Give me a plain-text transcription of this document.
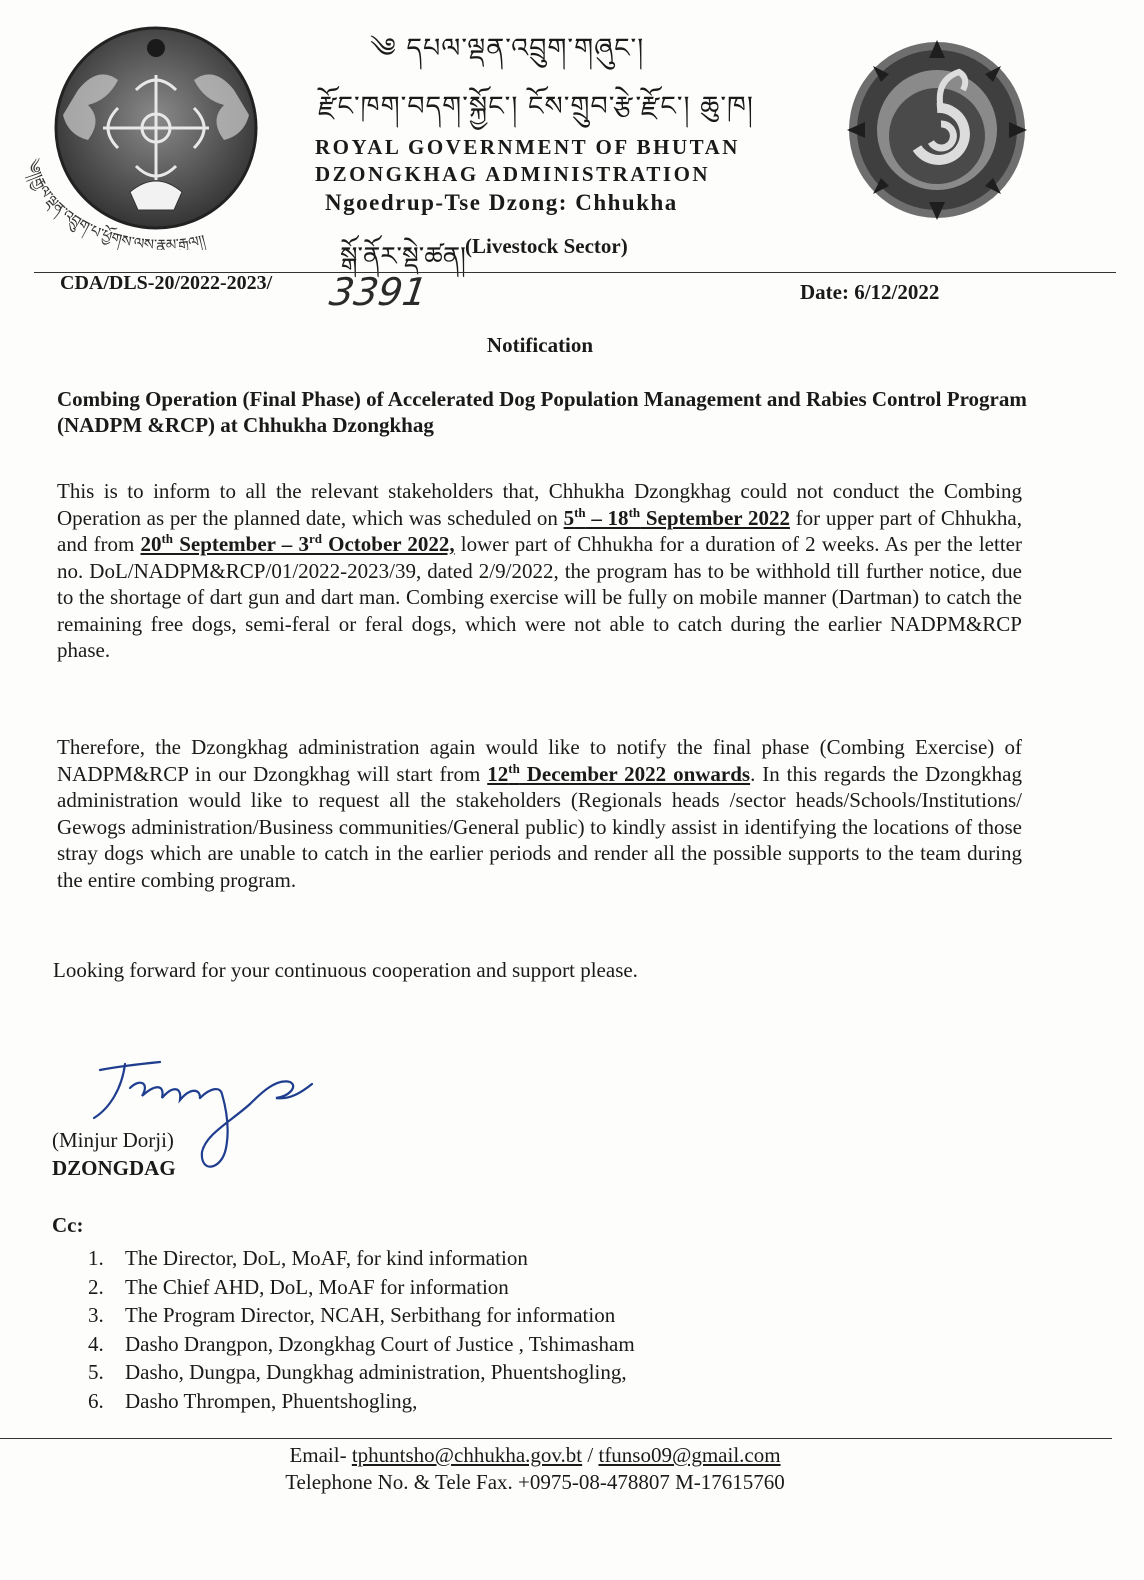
༄།།རྒྱལ་ལྡན་འབྲུག་པ་ཕྱོགས་ལས་རྣམ་རྒྱལ།།
༄ དཔལ་ལྡན་འབྲུག་གཞུང་།
རྫོང་ཁག་བདག་སྐྱོང་། ངོས་གྲུབ་རྩེ་རྫོང་། ཆུ་ཁ།
ROYAL GOVERNMENT OF BHUTAN
DZONGKHAG ADMINISTRATION
Ngoedrup-Tse Dzong: Chhukha
སྒོ་ནོར་སྡེ་ཚན། (Livestock Sector)
CDA/DLS-20/2022-2023/ 3391	Date: 6/12/2022
Notification
Combing Operation (Final Phase) of Accelerated Dog Population Management and Rabies Control Program (NADPM &RCP) at Chhukha Dzongkhag
This is to inform to all the relevant stakeholders that, Chhukha Dzongkhag could not conduct the Combing Operation as per the planned date, which was scheduled on 5th – 18th September 2022 for upper part of Chhukha, and from 20th September – 3rd October 2022, lower part of Chhukha for a duration of 2 weeks. As per the letter no. DoL/NADPM&RCP/01/2022-2023/39, dated 2/9/2022, the program has to be withhold till further notice, due to the shortage of dart gun and dart man. Combing exercise will be fully on mobile manner (Dartman) to catch the remaining free dogs, semi-feral or feral dogs, which were not able to catch during the earlier NADPM&RCP phase.
Therefore, the Dzongkhag administration again would like to notify the final phase (Combing Exercise) of NADPM&RCP in our Dzongkhag will start from 12th December 2022 onwards. In this regards the Dzongkhag administration would like to request all the stakeholders (Regionals heads /sector heads/Schools/Institutions/ Gewogs administration/Business communities/General public) to kindly assist in identifying the locations of those stray dogs which are unable to catch in the earlier periods and render all the possible supports to the team during the entire combing program.
Looking forward for your continuous cooperation and support please.
(Minjur Dorji)
DZONGDAG
Cc:
1.	The Director, DoL, MoAF, for kind information
2.	The Chief AHD, DoL, MoAF for information
3.	The Program Director, NCAH, Serbithang for information
4.	Dasho Drangpon, Dzongkhag Court of Justice , Tshimasham
5.	Dasho, Dungpa, Dungkhag administration, Phuentshogling,
6.	Dasho Thrompen, Phuentshogling,
Email- tphuntsho@chhukha.gov.bt / tfunso09@gmail.com
Telephone No. & Tele Fax. +0975-08-478807 M-17615760
